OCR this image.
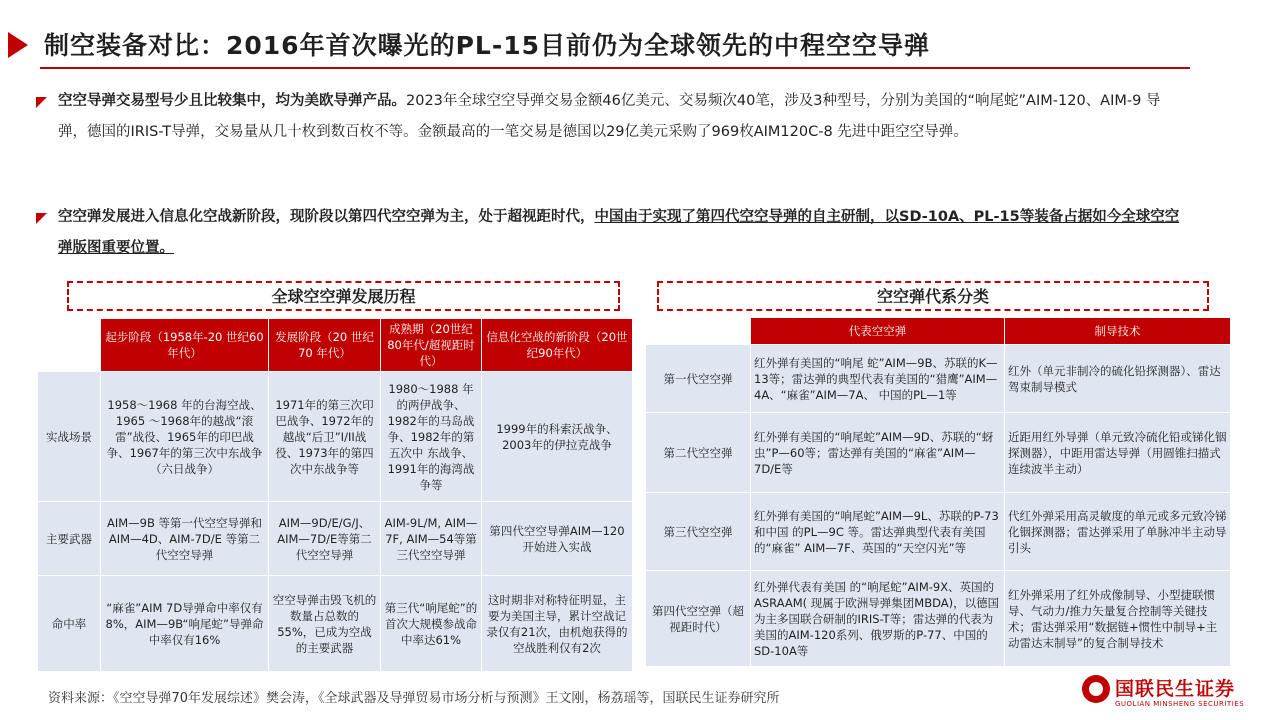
制空装备对比：2016年首次曝光的PL-15目前仍为全球领先的中程空空导弹
空空导弹交易型号少且比较集中，均为美欧导弹产品。2023年全球空空导弹交易金额46亿美元、交易频次40笔，涉及3种型号，分别为美国的“响尾蛇”AIM-120、AIM-9 导弹，德国的IRIS-T导弹，交易量从几十枚到数百枚不等。金额最高的一笔交易是德国以29亿美元采购了969枚AIM120C-8 先进中距空空导弹。
空空弹发展进入信息化空战新阶段，现阶段以第四代空空弹为主，处于超视距时代，中国由于实现了第四代空空导弹的自主研制，以SD-10A、PL-15等装备占据如今全球空空弹版图重要位置。
全球空空弹发展历程	空空弹代系分类
	起步阶段（1958年-20 世纪60年代）	发展阶段（20 世纪70 年代）	成熟期（20世纪80年代/超视距时代）	信息化空战的新阶段（20世纪90年代）
实战场景	1958～1968 年的台海空战、1965 ～1968年的越战“滚雷”战役、1965年的印巴战争、1967年的第三次中东战争（六日战争）	1971年的第三次印巴战争、1972年的越战“后卫”I/II战役、1973年的第四次中东战争等	1980～1988 年的两伊战争、1982年的马岛战争、1982年的第五次中 东战争、1991年的海湾战争等	1999年的科索沃战争、2003年的伊拉克战争
主要武器	AIM—9B 等第一代空空导弹和AIM—4D、AIM-7D/E 等第二代空空导弹	AIM—9D/E/G/J、AIM—7D/E等第二代空空导弹	AIM-9L/M, AIM—7F, AIM—54等第三代空空导弹	第四代空空导弹AIM—120开始进入实战
命中率	“麻雀”AIM 7D导弹命中率仅有8%，AIM—9B“响尾蛇”导弹命中率仅有16%	空空导弹击毁飞机的数量占总数的55%，已成为空战的主要武器	第三代“响尾蛇”的首次大规模参战命中率达61%	这时期非对称特征明显，主要为美国主导，累计空战记录仅有21次，由机炮获得的空战胜利仅有2次
	代表空空弹	制导技术
第一代空空弹	红外弹有美国的“响尾 蛇”AIM—9B、苏联的K—13等；雷达弹的典型代表有美国的“猎鹰”AIM—4A、“麻雀”AIM—7A、 中国的PL—1等	红外（单元非制冷的硫化铅探测器）、雷达驾束制导模式
第二代空空弹	红外弹有美国的“响尾蛇”AIM—9D、苏联的“蚜虫”P—60等；雷达弹有美国的“麻雀”AIM—7D/E等	近距用红外导弹（单元致冷硫化铅或锑化铟探测器），中距用雷达导弹（用圆锥扫描式连续波半主动）
第三代空空弹	红外弹有美国的“响尾蛇”AIM—9L、苏联的P-73和中国 的PL—9C 等。雷达弹典型代表有美国的“麻雀” AIM—7F、英国的“天空闪光”等	代红外弹采用高灵敏度的单元或多元致冷锑化铟探测器；雷达弹采用了单脉冲半主动导引头
第四代空空弹（超视距时代）	红外弹代表有美国 的“响尾蛇”AIM-9X、英国的ASRAAM( 现属于欧洲导弹集团MBDA)，以德国为主多国联合研制的IRIS-T等；雷达弹的代表为美国的AIM-120系列、俄罗斯的P-77、中国的SD-10A等	红外弹采用了红外成像制导、小型捷联惯导、气动力/推力矢量复合控制等关键技术；雷达弹采用“数据链+惯性中制导+主动雷达末制导”的复合制导技术
资料来源：《空空导弹70年发展综述》樊会涛，《全球武器及导弹贸易市场分析与预测》王文刚，杨荔瑶等，国联民生证券研究所	国联民生证券
GUOLIAN MINSHENG SECURITIES
